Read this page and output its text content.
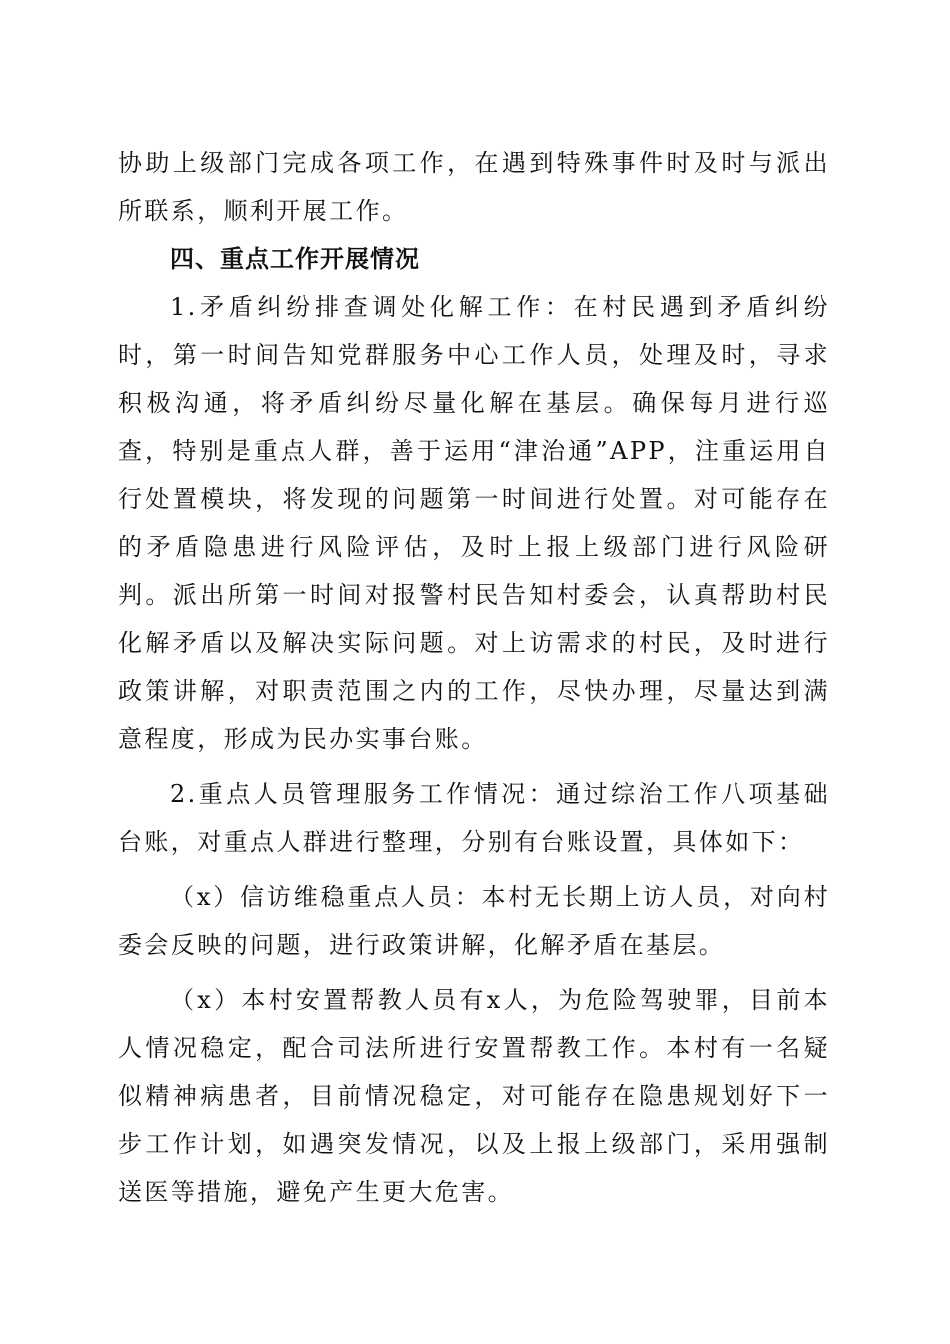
协助上级部门完成各项工作，在遇到特殊事件时及时与派出所联系，顺利开展工作。

四、重点工作开展情况

1.矛盾纠纷排查调处化解工作：在村民遇到矛盾纠纷时，第一时间告知党群服务中心工作人员，处理及时，寻求积极沟通，将矛盾纠纷尽量化解在基层。确保每月进行巡查，特别是重点人群，善于运用“津治通”APP，注重运用自行处置模块，将发现的问题第一时间进行处置。对可能存在的矛盾隐患进行风险评估，及时上报上级部门进行风险研判。派出所第一时间对报警村民告知村委会，认真帮助村民化解矛盾以及解决实际问题。对上访需求的村民，及时进行政策讲解，对职责范围之内的工作，尽快办理，尽量达到满意程度，形成为民办实事台账。

2.重点人员管理服务工作情况：通过综治工作八项基础台账，对重点人群进行整理，分别有台账设置，具体如下：

（x）信访维稳重点人员：本村无长期上访人员，对向村委会反映的问题，进行政策讲解，化解矛盾在基层。

（x）本村安置帮教人员有x人，为危险驾驶罪，目前本人情况稳定，配合司法所进行安置帮教工作。本村有一名疑似精神病患者，目前情况稳定，对可能存在隐患规划好下一步工作计划，如遇突发情况，以及上报上级部门，采用强制送医等措施，避免产生更大危害。
